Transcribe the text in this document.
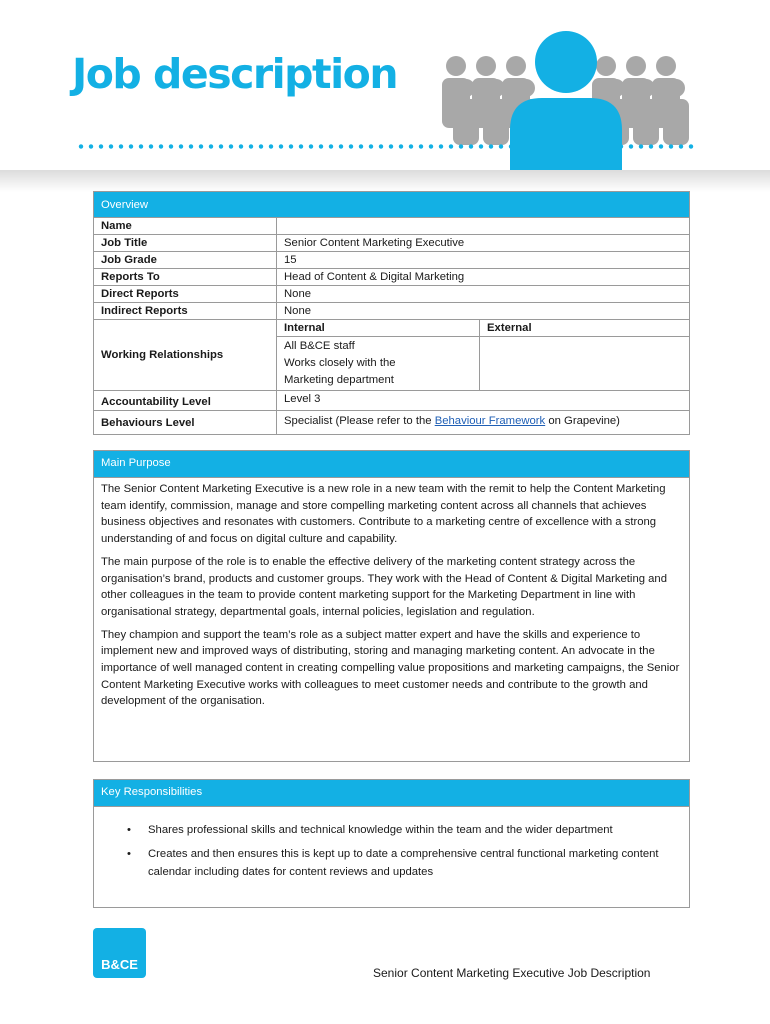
Job description
Overview		
Name		
Job Title	Senior Content Marketing Executive	
Job Grade	15	
Reports To	Head of Content & Digital Marketing	
Direct Reports	None	
Indirect Reports	None	
Working Relationships	Internal	External

	All B&CE staff
Works closely with the
Marketing department	

Accountability Level	Level 3	
Behaviours Level	Specialist (Please refer to the Behaviour Framework on Grapevine)	
Main Purpose

The Senior Content Marketing Executive is a new role in a new team with the remit to help the Content Marketing team identify, commission, manage and store compelling marketing content across all channels that achieves business objectives and resonates with customers. Contribute to a marketing centre of excellence with a strong understanding of and focus on digital culture and capability.

The main purpose of the role is to enable the effective delivery of the marketing content strategy across the organisation’s brand, products and customer groups. They work with the Head of Content & Digital Marketing and other colleagues in the team to provide content marketing support for the Marketing Department in line with organisational strategy, departmental goals, internal policies, legislation and regulation.

They champion and support the team’s role as a subject matter expert and have the skills and experience to implement new and improved ways of distributing, storing and managing marketing content. An advocate in the importance of well managed content in creating compelling value propositions and marketing campaigns, the Senior Content Marketing Executive works with colleagues to meet customer needs and contribute to the growth and development of the organisation.

Key Responsibilities
• Shares professional skills and technical knowledge within the team and the wider department
• Creates and then ensures this is kept up to date a comprehensive central functional marketing content calendar including dates for content reviews and updates
B&CE
Senior Content Marketing Executive Job Description
